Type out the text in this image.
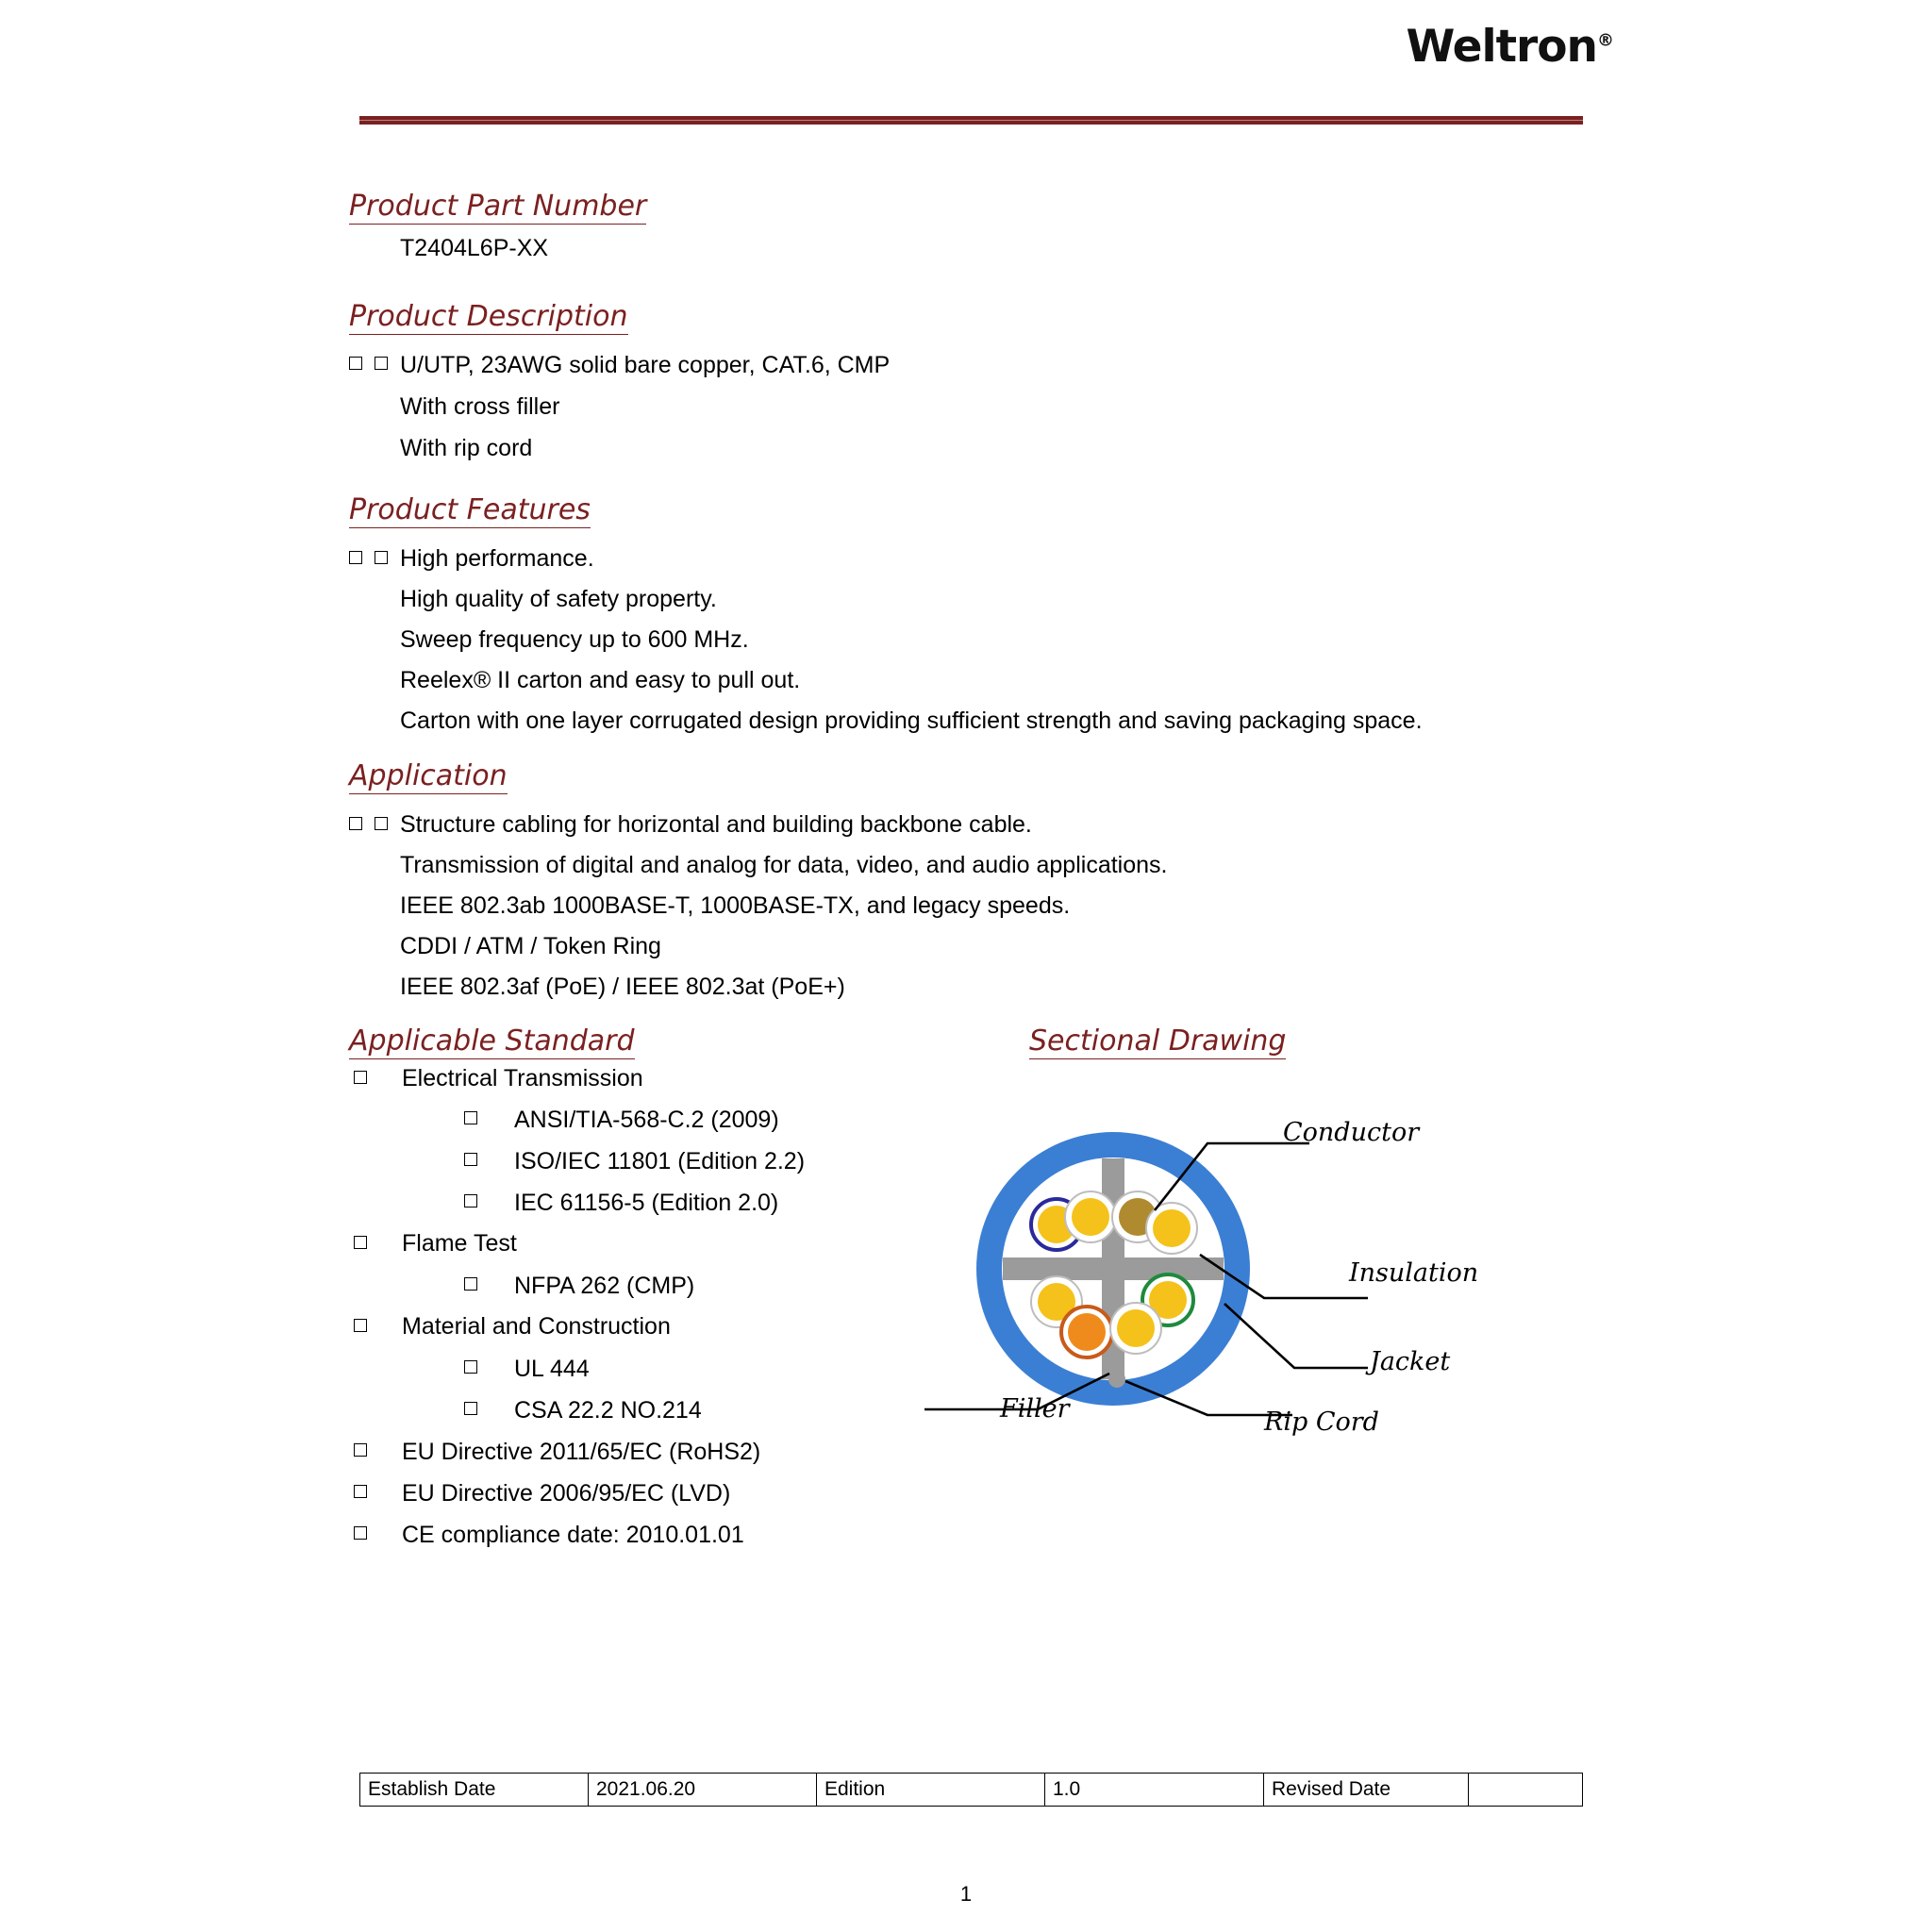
Weltron®
Product Part Number
T2404L6P-XX
Product Description
U/UTP, 23AWG solid bare copper, CAT.6, CMP
With cross filler
With rip cord
Product Features
High performance.
High quality of safety property.
Sweep frequency up to 600 MHz.
Reelex® II carton and easy to pull out.
Carton with one layer corrugated design providing sufficient strength and saving packaging space.
Application
Structure cabling for horizontal and building backbone cable.
Transmission of digital and analog for data, video, and audio applications.
IEEE 802.3ab 1000BASE-T, 1000BASE-TX, and legacy speeds.
CDDI / ATM / Token Ring
IEEE 802.3af (PoE) / IEEE 802.3at (PoE+)
Applicable Standard
Electrical Transmission
ANSI/TIA-568-C.2 (2009)
ISO/IEC 11801 (Edition 2.2)
IEC 61156-5 (Edition 2.0)
Flame Test
NFPA 262 (CMP)
Material and Construction
UL 444
CSA 22.2 NO.214
EU Directive 2011/65/EC (RoHS2)
EU Directive 2006/95/EC (LVD)
CE compliance date: 2010.01.01
Sectional Drawing
Conductor
Insulation
Jacket
Rip Cord
Filler
Establish Date	2021.06.20	Edition	1.0	Revised Date	
1
